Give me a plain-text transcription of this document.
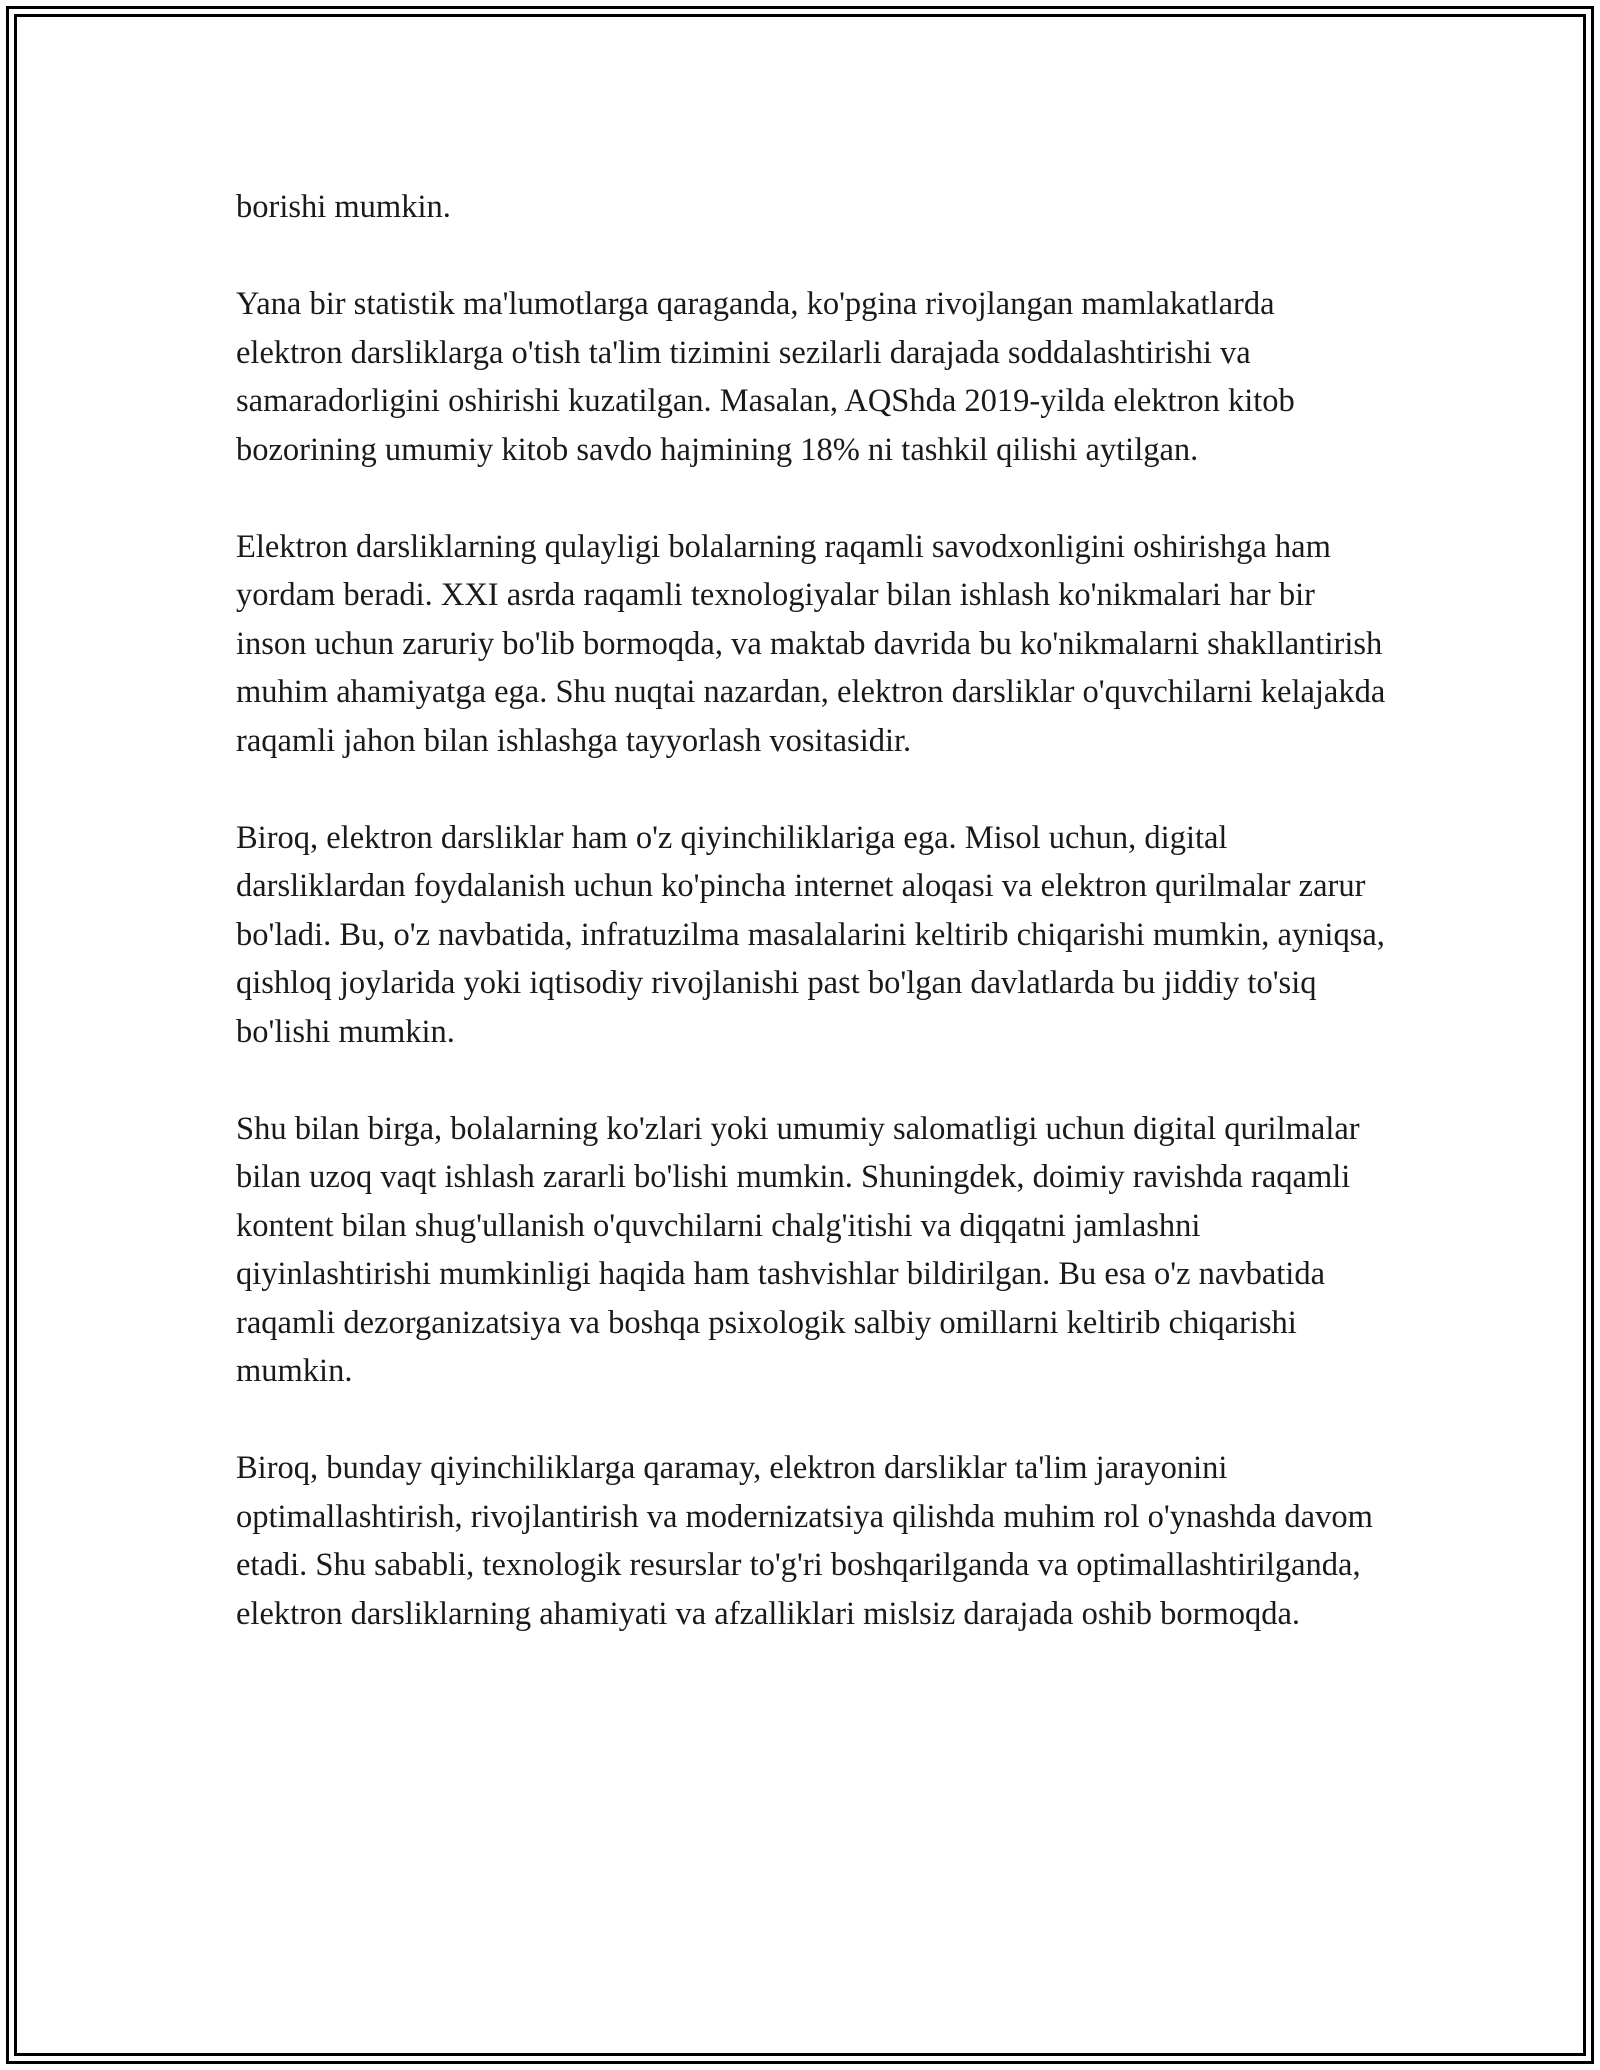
borishi mumkin.

Yana bir statistik ma'lumotlarga qaraganda, ko'pgina rivojlangan mamlakatlarda elektron darsliklarga o'tish ta'lim tizimini sezilarli darajada soddalashtirishi va samaradorligini oshirishi kuzatilgan. Masalan, AQShda 2019-yilda elektron kitob bozorining umumiy kitob savdo hajmining 18% ni tashkil qilishi aytilgan.

Elektron darsliklarning qulayligi bolalarning raqamli savodxonligini oshirishga ham yordam beradi. XXI asrda raqamli texnologiyalar bilan ishlash ko'nikmalari har bir inson uchun zaruriy bo'lib bormoqda, va maktab davrida bu ko'nikmalarni shakllantirish muhim ahamiyatga ega. Shu nuqtai nazardan, elektron darsliklar o'quvchilarni kelajakda raqamli jahon bilan ishlashga tayyorlash vositasidir.

Biroq, elektron darsliklar ham o'z qiyinchiliklariga ega. Misol uchun, digital darsliklardan foydalanish uchun ko'pincha internet aloqasi va elektron qurilmalar zarur bo'ladi. Bu, o'z navbatida, infratuzilma masalalarini keltirib chiqarishi mumkin, ayniqsa, qishloq joylarida yoki iqtisodiy rivojlanishi past bo'lgan davlatlarda bu jiddiy to'siq bo'lishi mumkin.

Shu bilan birga, bolalarning ko'zlari yoki umumiy salomatligi uchun digital qurilmalar bilan uzoq vaqt ishlash zararli bo'lishi mumkin. Shuningdek, doimiy ravishda raqamli kontent bilan shug'ullanish o'quvchilarni chalg'itishi va diqqatni jamlashni qiyinlashtirishi mumkinligi haqida ham tashvishlar bildirilgan. Bu esa o'z navbatida raqamli dezorganizatsiya va boshqa psixologik salbiy omillarni keltirib chiqarishi mumkin.

Biroq, bunday qiyinchiliklarga qaramay, elektron darsliklar ta'lim jarayonini optimallashtirish, rivojlantirish va modernizatsiya qilishda muhim rol o'ynashda davom etadi. Shu sababli, texnologik resurslar to'g'ri boshqarilganda va optimallashtirilganda, elektron darsliklarning ahamiyati va afzalliklari mislsiz darajada oshib bormoqda.
